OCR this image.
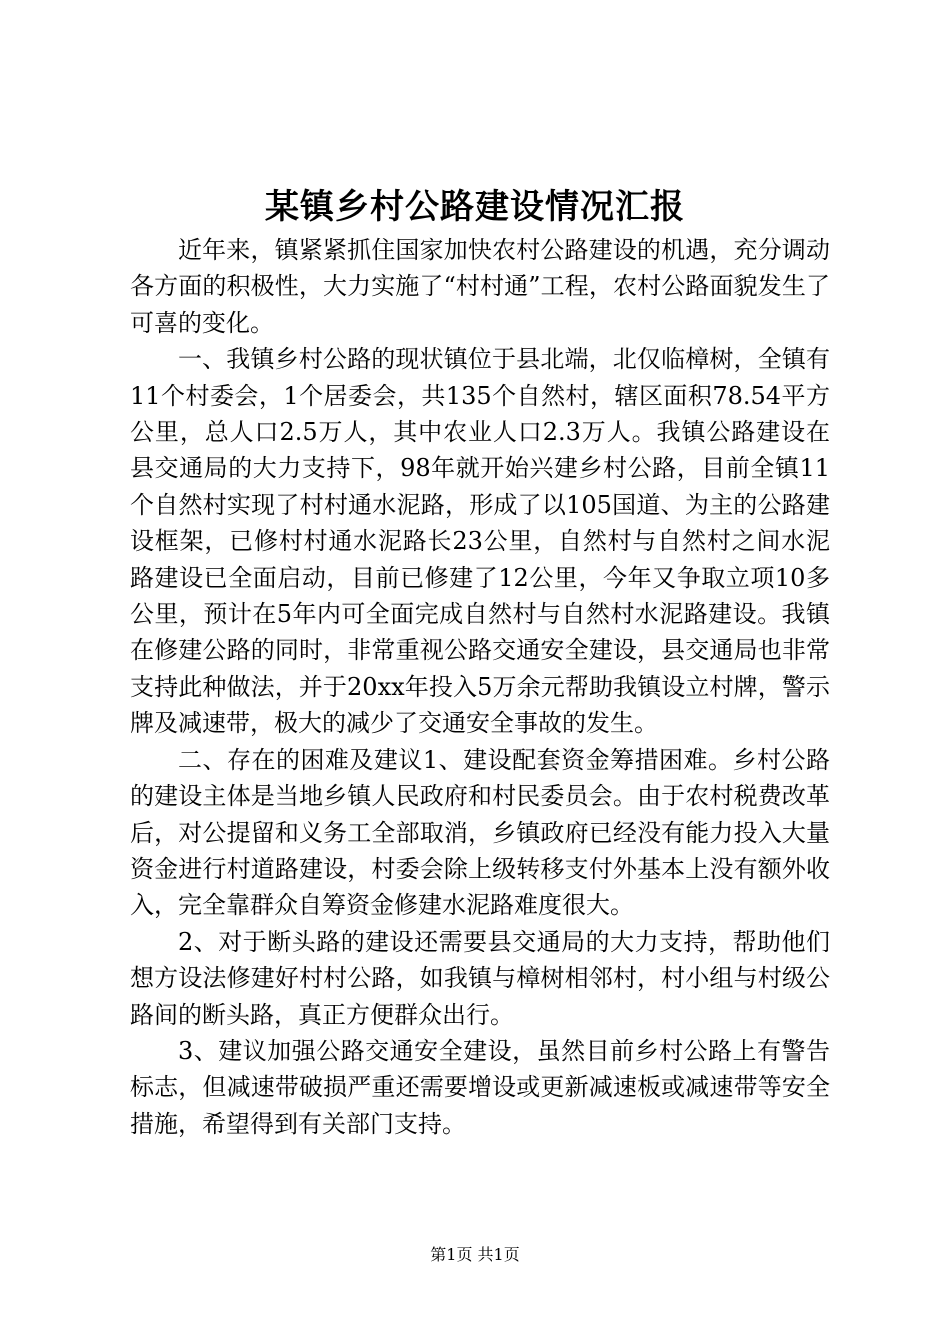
某镇乡村公路建设情况汇报

近年来，镇紧紧抓住国家加快农村公路建设的机遇，充分调动各方面的积极性，大力实施了“村村通”工程，农村公路面貌发生了可喜的变化。

一、我镇乡村公路的现状镇位于县北端，北仅临樟树，全镇有11个村委会，1个居委会，共135个自然村，辖区面积78.54平方公里，总人口2.5万人，其中农业人口2.3万人。我镇公路建设在县交通局的大力支持下，98年就开始兴建乡村公路，目前全镇11个自然村实现了村村通水泥路，形成了以105国道、为主的公路建设框架，已修村村通水泥路长23公里，自然村与自然村之间水泥路建设已全面启动，目前已修建了12公里，今年又争取立项10多公里，预计在5年内可全面完成自然村与自然村水泥路建设。我镇在修建公路的同时，非常重视公路交通安全建设，县交通局也非常支持此种做法，并于20xx年投入5万余元帮助我镇设立村牌，警示牌及减速带，极大的减少了交通安全事故的发生。

二、存在的困难及建议1、建设配套资金筹措困难。乡村公路的建设主体是当地乡镇人民政府和村民委员会。由于农村税费改革后，对公提留和义务工全部取消，乡镇政府已经没有能力投入大量资金进行村道路建设，村委会除上级转移支付外基本上没有额外收入，完全靠群众自筹资金修建水泥路难度很大。

2、对于断头路的建设还需要县交通局的大力支持，帮助他们想方设法修建好村村公路，如我镇与樟树相邻村，村小组与村级公路间的断头路，真正方便群众出行。

3、建议加强公路交通安全建设，虽然目前乡村公路上有警告标志，但减速带破损严重还需要增设或更新减速板或减速带等安全措施，希望得到有关部门支持。

第1页 共1页
